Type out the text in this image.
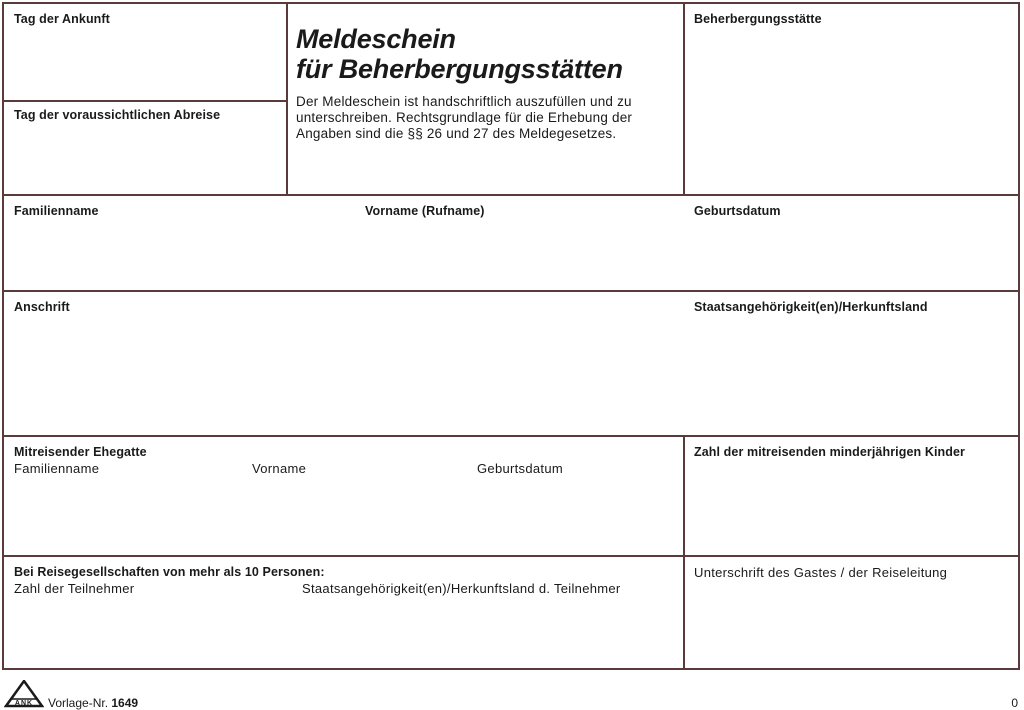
Tag der Ankunft
Tag der voraussichtlichen Abreise
Beherbergungsstätte
Familienname	Vorname (Rufname)	Geburtsdatum
Anschrift	Staatsangehörigkeit(en)/Herkunftsland
Mitreisender Ehegatte
Familienname	Vorname	Geburtsdatum
Zahl der mitreisenden minderjährigen Kinder
Bei Reisegesellschaften von mehr als 10 Personen:
Zahl der Teilnehmer	Staatsangehörigkeit(en)/Herkunftsland d. Teilnehmer
Unterschrift des Gastes / der Reiseleitung
Meldeschein
für Beherbergungsstätten
Der Meldeschein ist handschriftlich auszufüllen und zu unterschreiben. Rechtsgrundlage für die Erhebung der Angaben sind die §§ 26 und 27 des Meldegesetzes.
ANK Vorlage-Nr. 1649	0
